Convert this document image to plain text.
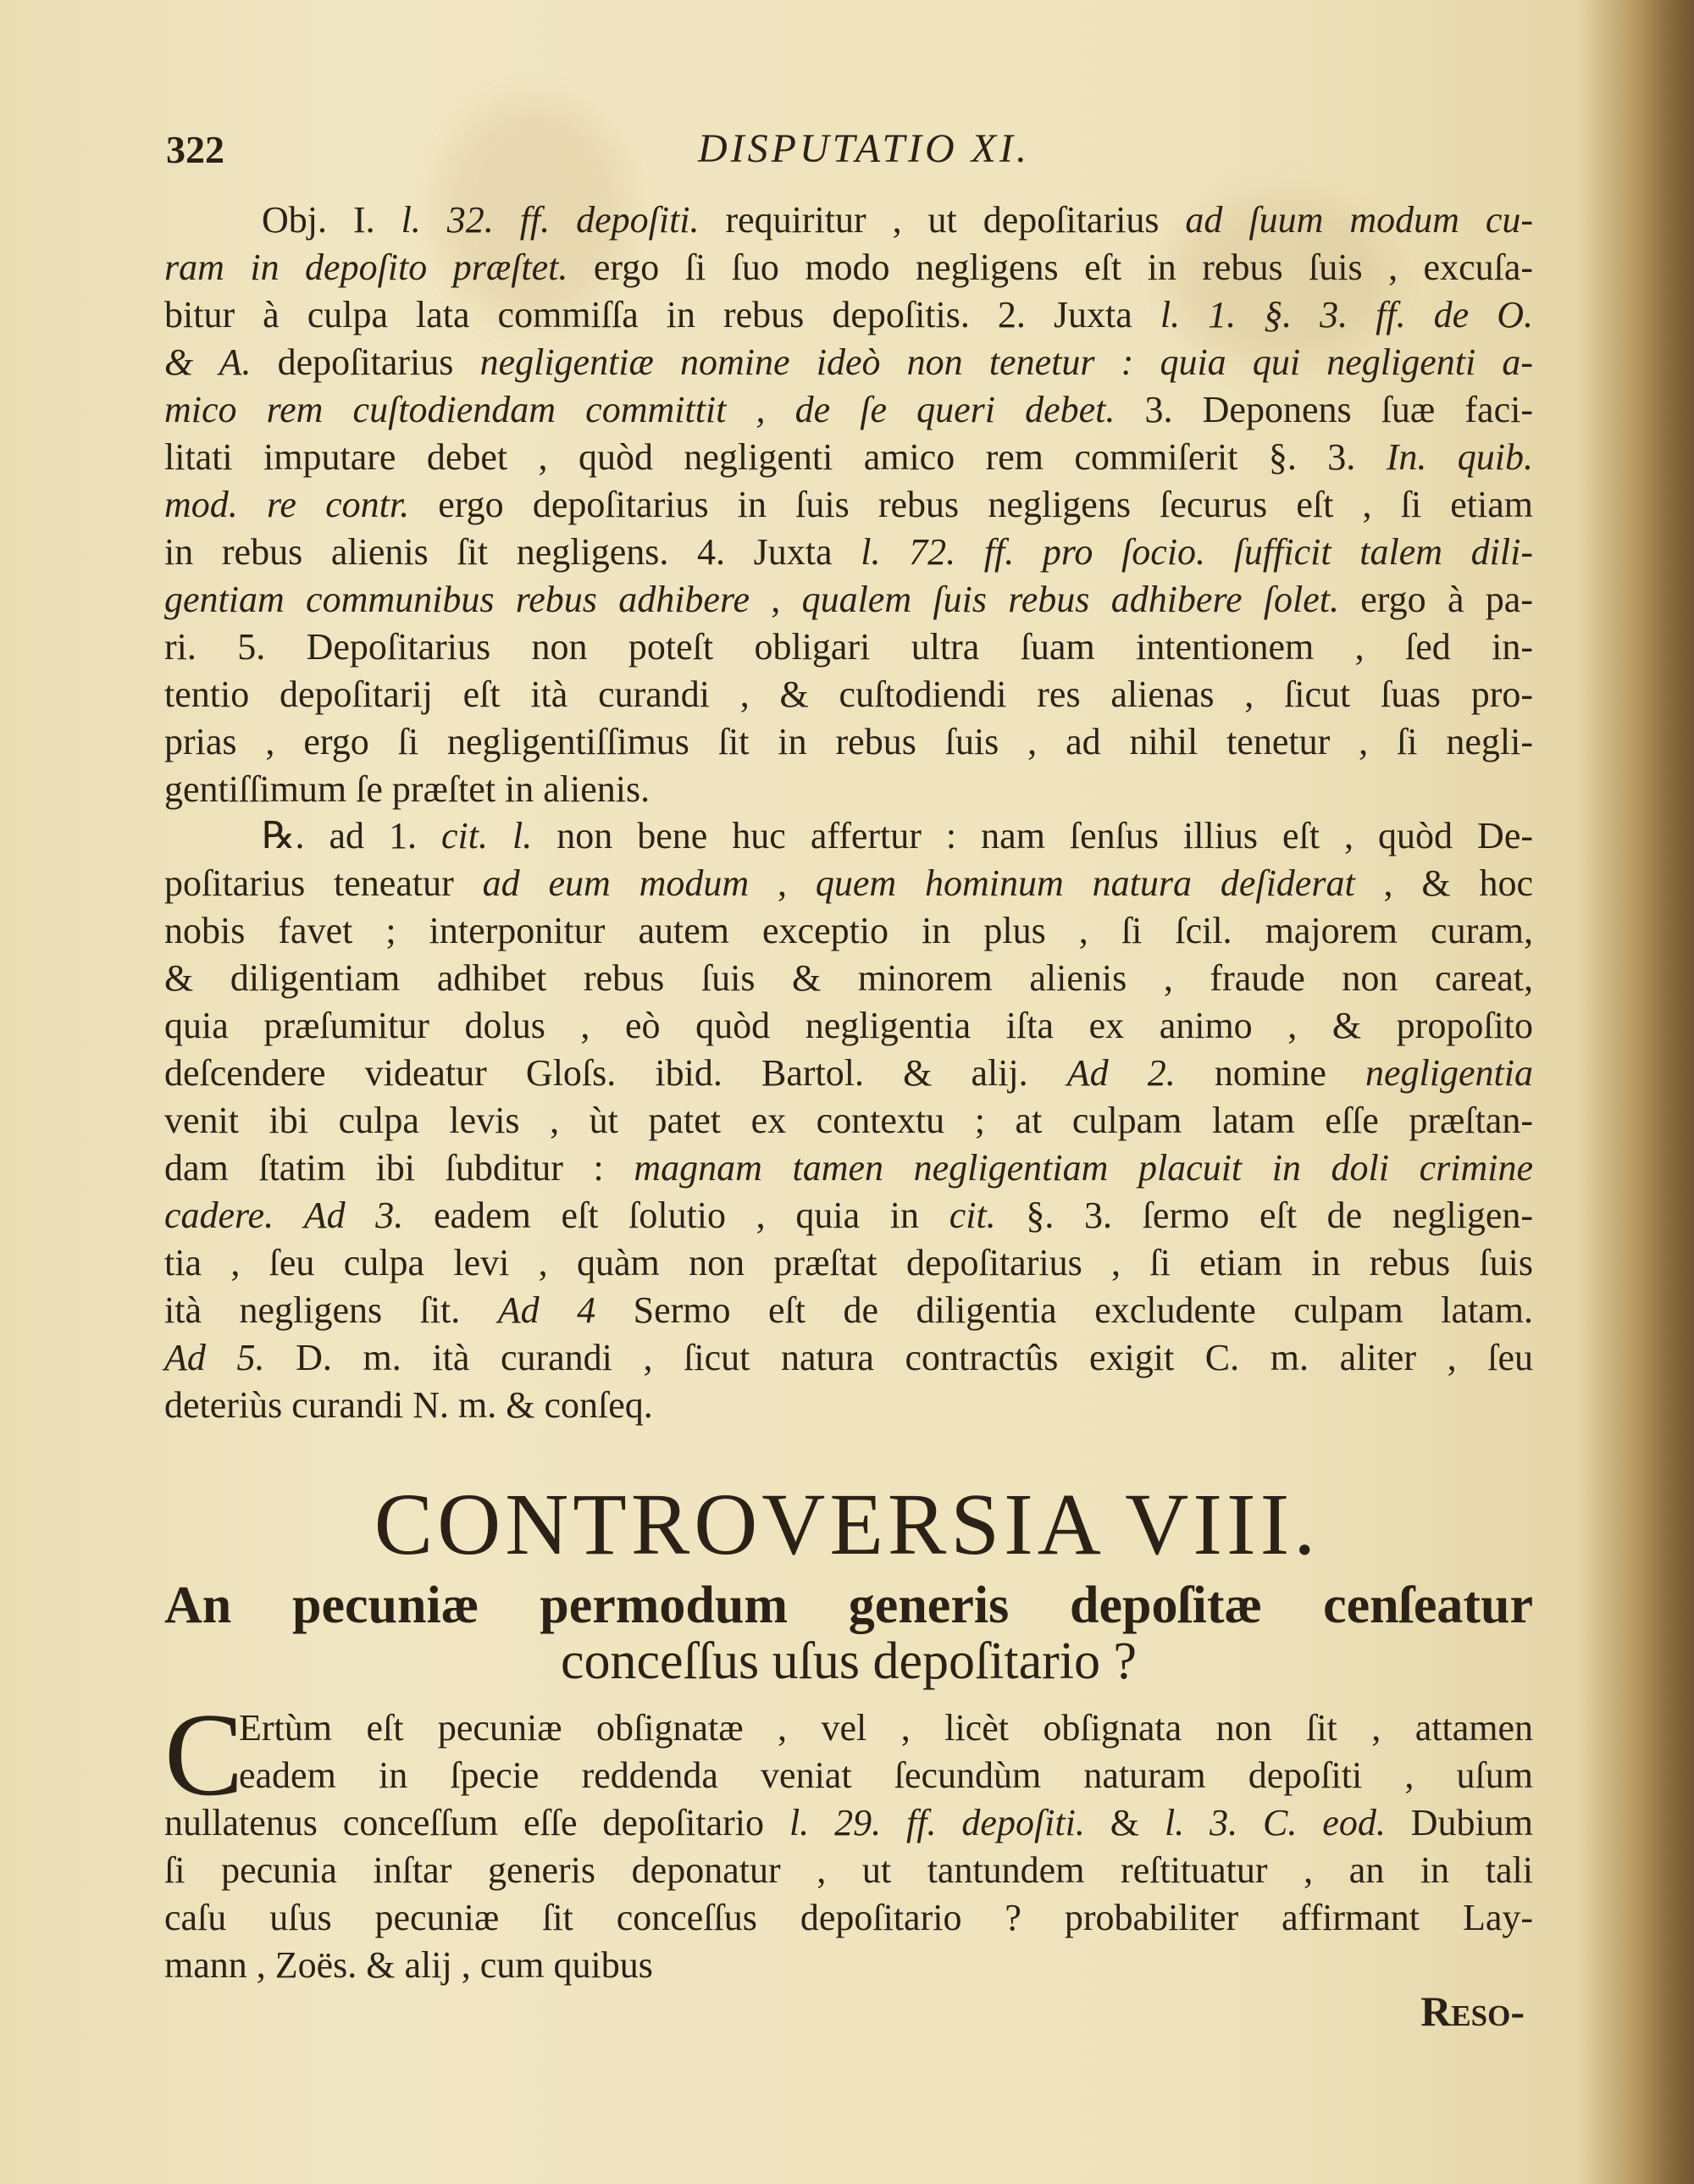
322	DISPUTATIO XI.
Obj. I. l. 32. ff. depoſiti. requiritur , ut depoſitarius ad ſuum modum cu-
ram in depoſito præſtet. ergo ſi ſuo modo negligens eſt in rebus ſuis , excuſa-
bitur à culpa lata commiſſa in rebus depoſitis. 2. Juxta l. 1. §. 3. ff. de O.
& A. depoſitarius negligentiæ nomine ideò non tenetur : quia qui negligenti a-
mico rem cuſtodiendam committit , de ſe queri debet. 3. Deponens ſuæ faci-
litati imputare debet , quòd negligenti amico rem commiſerit §. 3. In. quib.
mod. re contr. ergo depoſitarius in ſuis rebus negligens ſecurus eſt , ſi etiam
in rebus alienis ſit negligens. 4. Juxta l. 72. ff. pro ſocio. ſufficit talem dili-
gentiam communibus rebus adhibere , qualem ſuis rebus adhibere ſolet. ergo à pa-
ri. 5. Depoſitarius non poteſt obligari ultra ſuam intentionem , ſed in-
tentio depoſitarij eſt ità curandi , & cuſtodiendi res alienas , ſicut ſuas pro-
prias , ergo ſi negligentiſſimus ſit in rebus ſuis , ad nihil tenetur , ſi negli-
gentiſſimum ſe præſtet in alienis.
℞. ad 1. cit. l. non bene huc affertur : nam ſenſus illius eſt , quòd De-
poſitarius teneatur ad eum modum , quem hominum natura deſiderat , & hoc
nobis favet ; interponitur autem exceptio in plus , ſi ſcil. majorem curam,
& diligentiam adhibet rebus ſuis & minorem alienis , fraude non careat,
quia præſumitur dolus , eò quòd negligentia iſta ex animo , & propoſito
deſcendere videatur Gloſs. ibid. Bartol. & alij. Ad 2. nomine negligentia
venit ibi culpa levis , ùt patet ex contextu ; at culpam latam eſſe præſtan-
dam ſtatim ibi ſubditur : magnam tamen negligentiam placuit in doli crimine
cadere. Ad 3. eadem eſt ſolutio , quia in cit. §. 3. ſermo eſt de negligen-
tia , ſeu culpa levi , quàm non præſtat depoſitarius , ſi etiam in rebus ſuis
ità negligens ſit. Ad 4 Sermo eſt de diligentia excludente culpam latam.
Ad 5. D. m. ità curandi , ſicut natura contractûs exigit C. m. aliter , ſeu
deteriùs curandi N. m. & conſeq.
CONTROVERSIA VIII.
An pecuniæ permodum generis depoſitæ cenſeatur
conceſſus uſus depoſitario ?
C
Ertùm eſt pecuniæ obſignatæ , vel , licèt obſignata non ſit , attamen
eadem in ſpecie reddenda veniat ſecundùm naturam depoſiti , uſum
nullatenus conceſſum eſſe depoſitario l. 29. ff. depoſiti. & l. 3. C. eod. Dubium
ſi pecunia inſtar generis deponatur , ut tantundem reſtituatur , an in tali
caſu uſus pecuniæ ſit conceſſus depoſitario ? probabiliter affirmant Lay-
mann , Zoës. & alij , cum quibus
Reso-
